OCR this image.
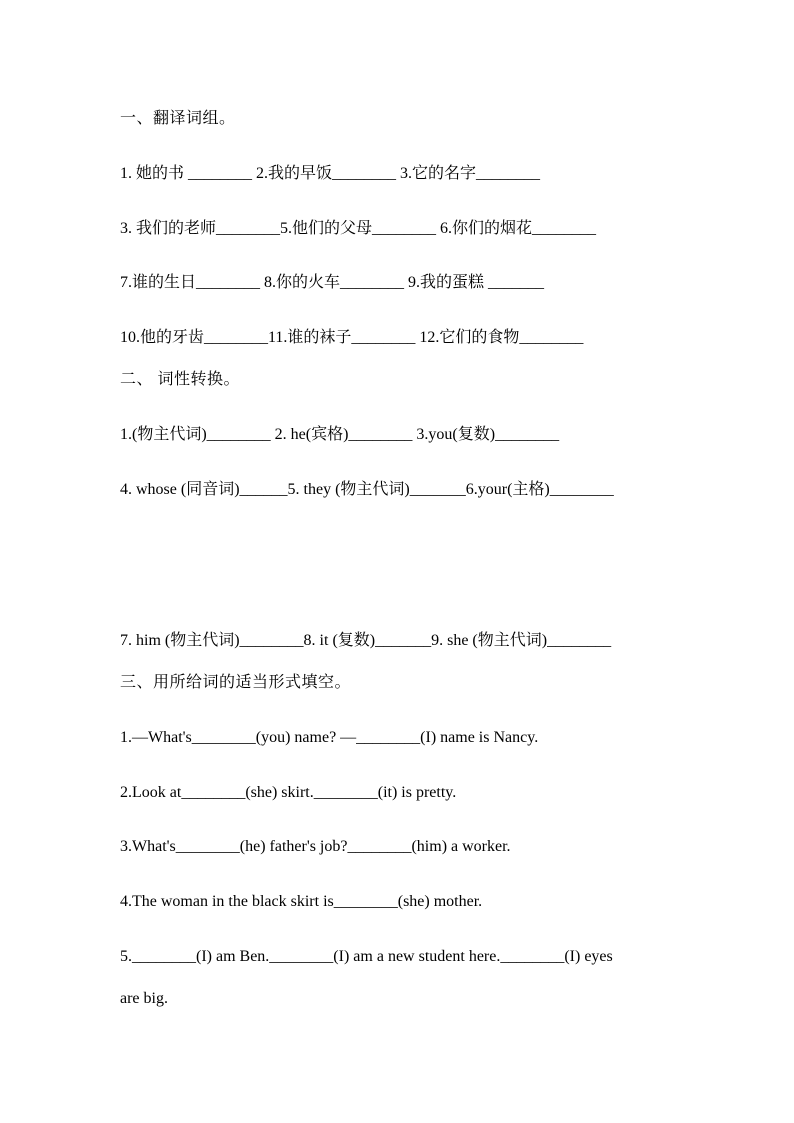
一、翻译词组。
1. 她的书 ________ 2.我的早饭________ 3.它的名字________
3. 我们的老师________5.他们的父母________ 6.你们的烟花________
7.谁的生日________ 8.你的火车________ 9.我的蛋糕 _______
10.他的牙齿________11.谁的袜子________ 12.它们的食物________
二、 词性转换。
1.(物主代词)________ 2. he(宾格)________ 3.you(复数)________
4. whose (同音词)______5. they (物主代词)_______6.your(主格)________
7. him (物主代词)________8. it (复数)_______9. she (物主代词)________
三、用所给词的适当形式填空。
1.—What's________(you) name? —________(I) name is Nancy.
2.Look at________(she) skirt.________(it) is pretty.
3.What's________(he) father's job?________(him) a worker.
4.The woman in the black skirt is________(she) mother.
5.________(I) am Ben.________(I) am a new student here.________(I) eyes
are big.
